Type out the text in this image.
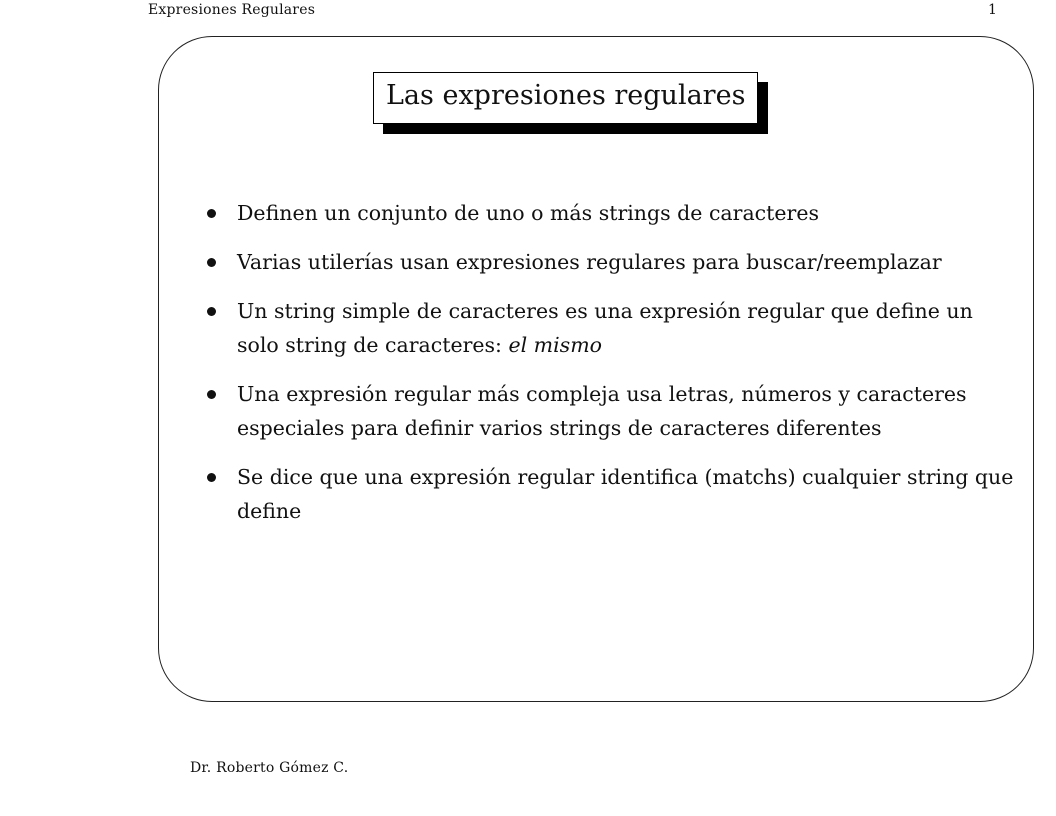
Expresiones Regulares	1
Las expresiones regulares
Definen un conjunto de uno o más strings de caracteres
Varias utilerías usan expresiones regulares para buscar/reemplazar
Un string simple de caracteres es una expresión regular que define un solo string de caracteres: el mismo
Una expresión regular más compleja usa letras, números y caracteres especiales para definir varios strings de caracteres diferentes
Se dice que una expresión regular identifica (matchs) cualquier string que define
Dr. Roberto Gómez C.
